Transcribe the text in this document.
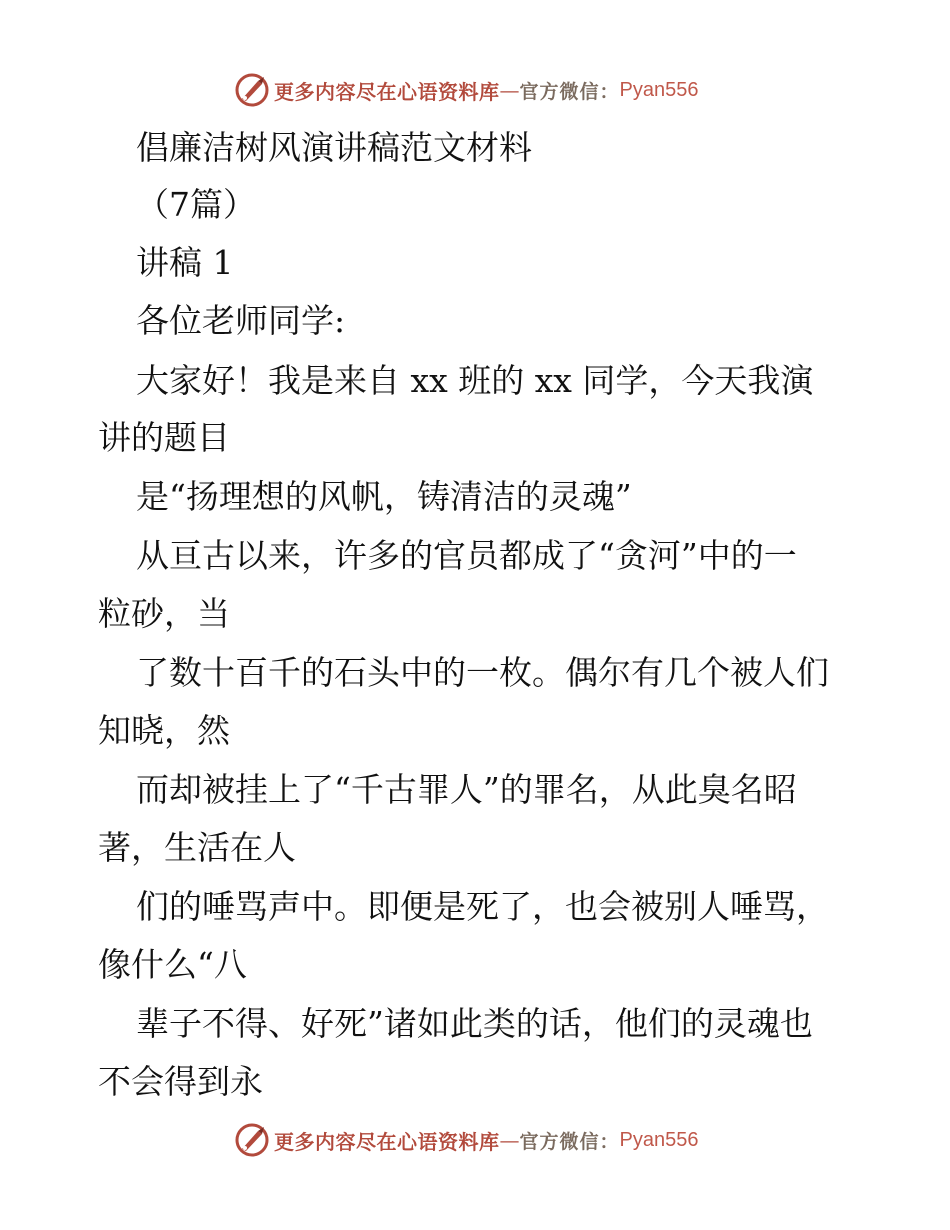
更多内容尽在心语资料库 — 官方微信： Pyan556
倡廉洁树风演讲稿范文材料
（7篇）
讲稿 1
各位老师同学:
大家好！我是来自 xx 班的 xx 同学，今天我演
讲的题目
是“扬理想的风帆，铸清洁的灵魂”
从亘古以来，许多的官员都成了“贪河”中的一
粒砂，当
了数十百千的石头中的一枚。偶尔有几个被人们
知晓，然
而却被挂上了“千古罪人”的罪名，从此臭名昭
著，生活在人
们的唾骂声中。即便是死了，也会被别人唾骂，
像什么“八
辈子不得、好死”诸如此类的话，他们的灵魂也
不会得到永
更多内容尽在心语资料库 — 官方微信： Pyan556
